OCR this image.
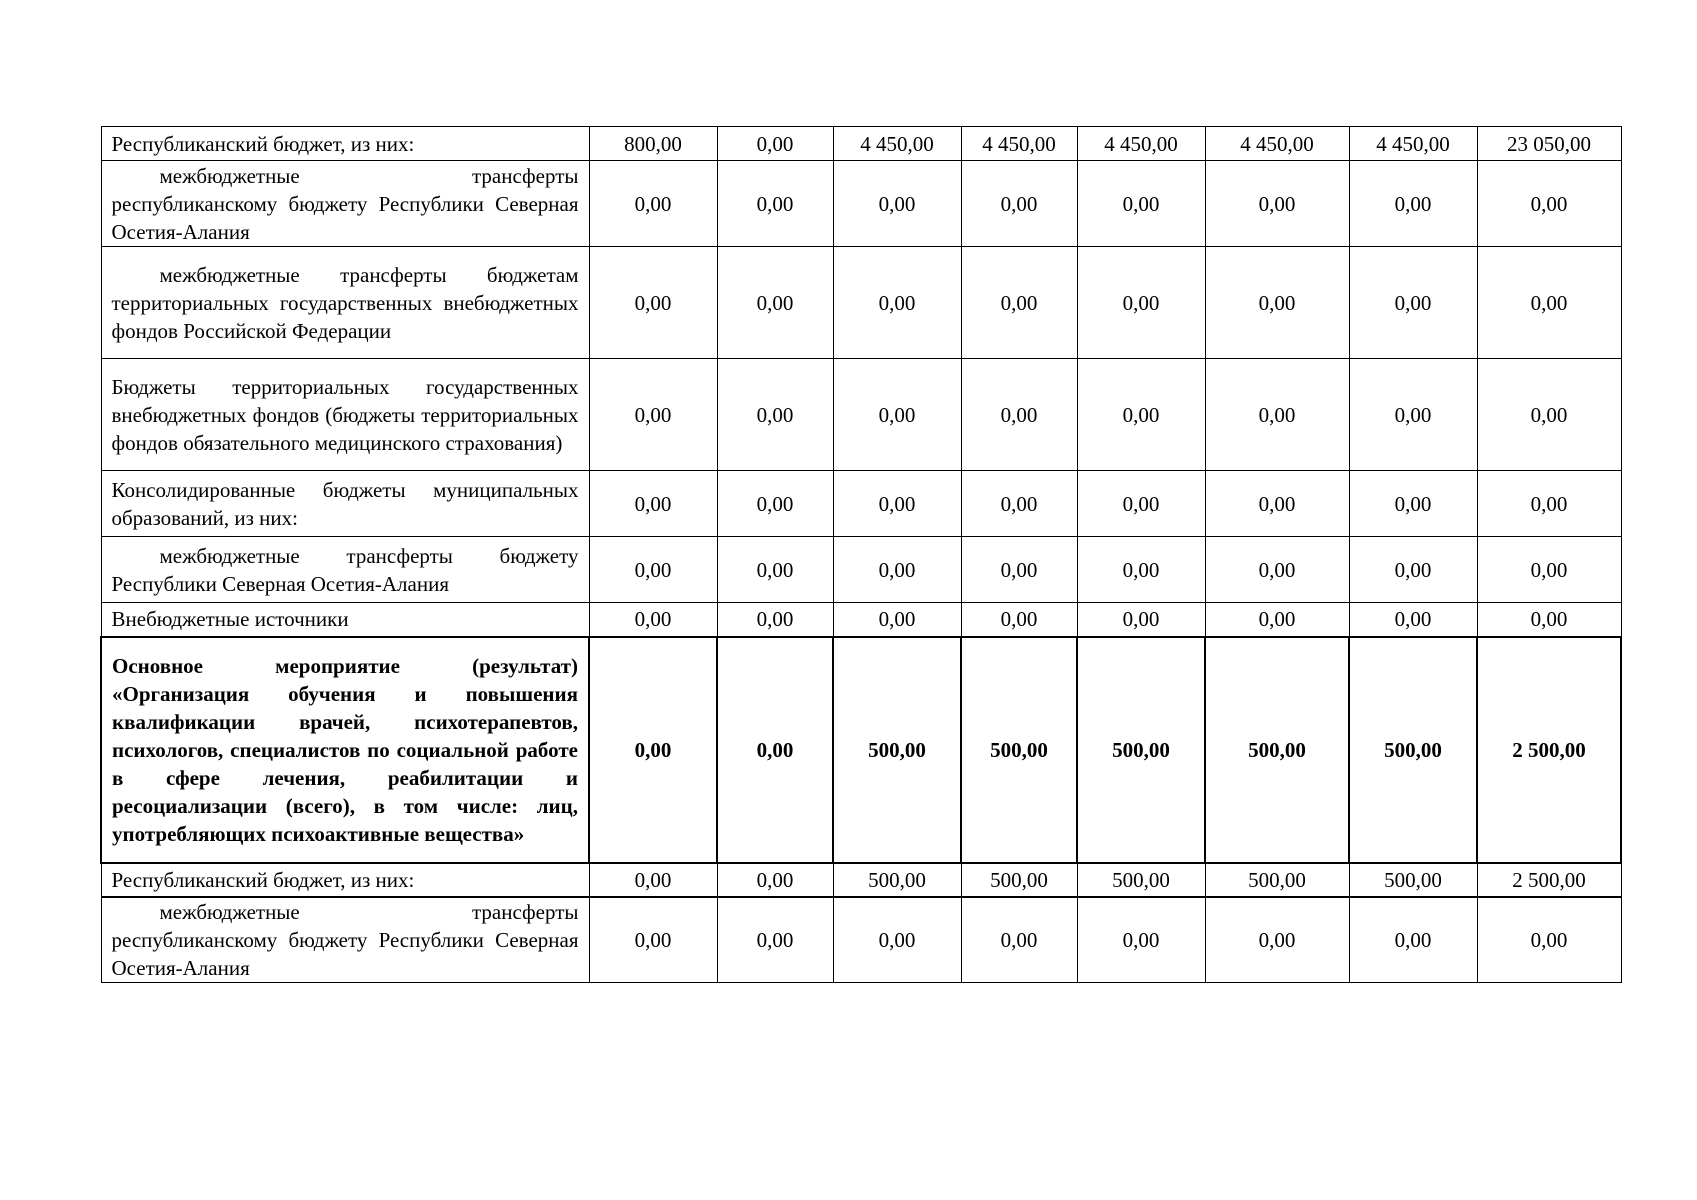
Республиканский бюджет, из них:	800,00	0,00	4 450,00	4 450,00	4 450,00	4 450,00	4 450,00	23 050,00
межбюджетные трансферты республиканскому бюджету Республики Северная Осетия-Алания	0,00	0,00	0,00	0,00	0,00	0,00	0,00	0,00
межбюджетные трансферты бюджетам территориальных государственных внебюджетных фондов Российской Федерации	0,00	0,00	0,00	0,00	0,00	0,00	0,00	0,00
Бюджеты территориальных государственных внебюджетных фондов (бюджеты территориальных фондов обязательного медицинского страхования)	0,00	0,00	0,00	0,00	0,00	0,00	0,00	0,00
Консолидированные бюджеты муниципальных образований, из них:	0,00	0,00	0,00	0,00	0,00	0,00	0,00	0,00
межбюджетные трансферты бюджету Республики Северная Осетия-Алания	0,00	0,00	0,00	0,00	0,00	0,00	0,00	0,00
Внебюджетные источники	0,00	0,00	0,00	0,00	0,00	0,00	0,00	0,00
Основное мероприятие (результат) «Организация обучения и повышения квалификации врачей, психотерапевтов, психологов, специалистов по социальной работе в сфере лечения, реабилитации и ресоциализации (всего), в том числе: лиц, употребляющих психоактивные вещества»	0,00	0,00	500,00	500,00	500,00	500,00	500,00	2 500,00
Республиканский бюджет, из них:	0,00	0,00	500,00	500,00	500,00	500,00	500,00	2 500,00
межбюджетные трансферты республиканскому бюджету Республики Северная Осетия-Алания	0,00	0,00	0,00	0,00	0,00	0,00	0,00	0,00
